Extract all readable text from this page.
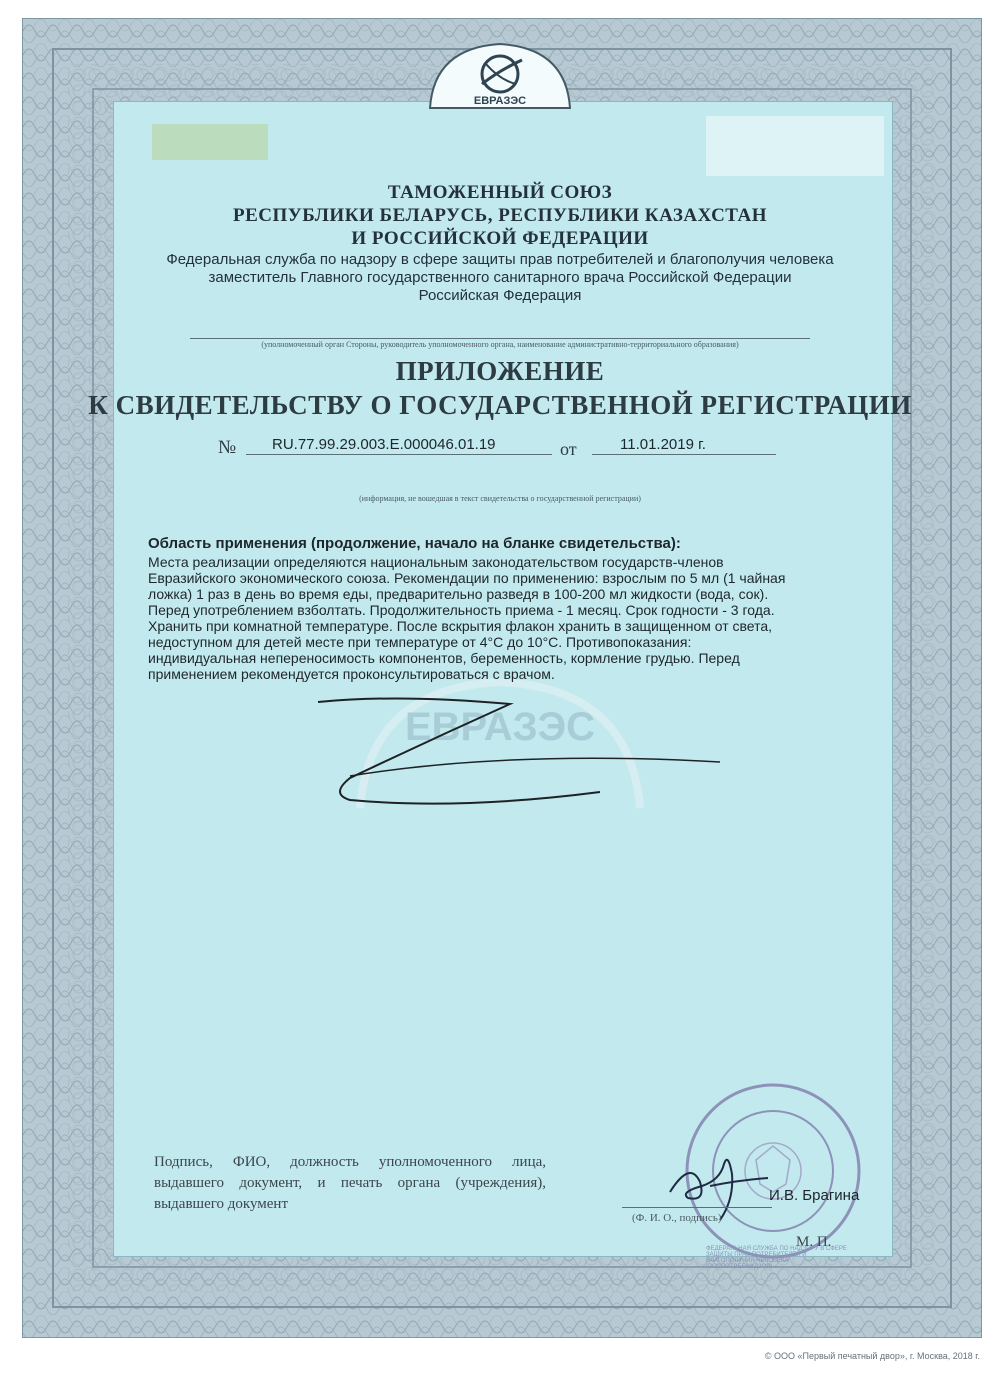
ЕВРАЗЭС
ТАМОЖЕННЫЙ СОЮЗ
РЕСПУБЛИКИ БЕЛАРУСЬ, РЕСПУБЛИКИ КАЗАХСТАН
И РОССИЙСКОЙ ФЕДЕРАЦИИ
Федеральная служба по надзору в сфере защиты прав потребителей и благополучия человека
заместитель Главного государственного санитарного врача Российской Федерации
Российская Федерация
(уполномоченный орган Стороны, руководитель уполномоченного органа, наименование административно-территориального образования)
ПРИЛОЖЕНИЕ
К СВИДЕТЕЛЬСТВУ О ГОСУДАРСТВЕННОЙ РЕГИСТРАЦИИ
№ RU.77.99.29.003.E.000046.01.19	от	11.01.2019 г.
(информация, не вошедшая в текст свидетельства о государственной регистрации)
ЕВРАЗЭС
Область применения (продолжение, начало на бланке свидетельства):
Места реализации определяются национальным законодательством государств-членов
Евразийского экономического союза. Рекомендации по применению: взрослым по 5 мл (1 чайная
ложка) 1 раз в день во время еды, предварительно разведя в 100-200 мл жидкости (вода, сок).
Перед употреблением взболтать. Продолжительность приема - 1 месяц. Срок годности - 3 года.
Хранить при комнатной температуре. После вскрытия флакон хранить в защищенном от света,
недоступном для детей месте при температуре от 4°С до 10°С. Противопоказания:
индивидуальная непереносимость компонентов, беременность, кормление грудью. Перед
применением рекомендуется проконсультироваться с врачом.
Подпись, ФИО, должность уполномоченного лица, выдавшего документ, и печать органа (учреждения), выдавшего документ
ФЕДЕРАЛЬНАЯ СЛУЖБА ПО НАДЗОРУ В СФЕРЕ ЗАЩИТЫ ПРАВ ПОТРЕБИТЕЛЕЙ И БЛАГОПОЛУЧИЯ ЧЕЛОВЕКА (РОСПОТРЕБНАДЗОР)
И.В. Брагина
(Ф. И. О., подпись)
М. П.
© ООО «Первый печатный двор», г. Москва, 2018 г.
